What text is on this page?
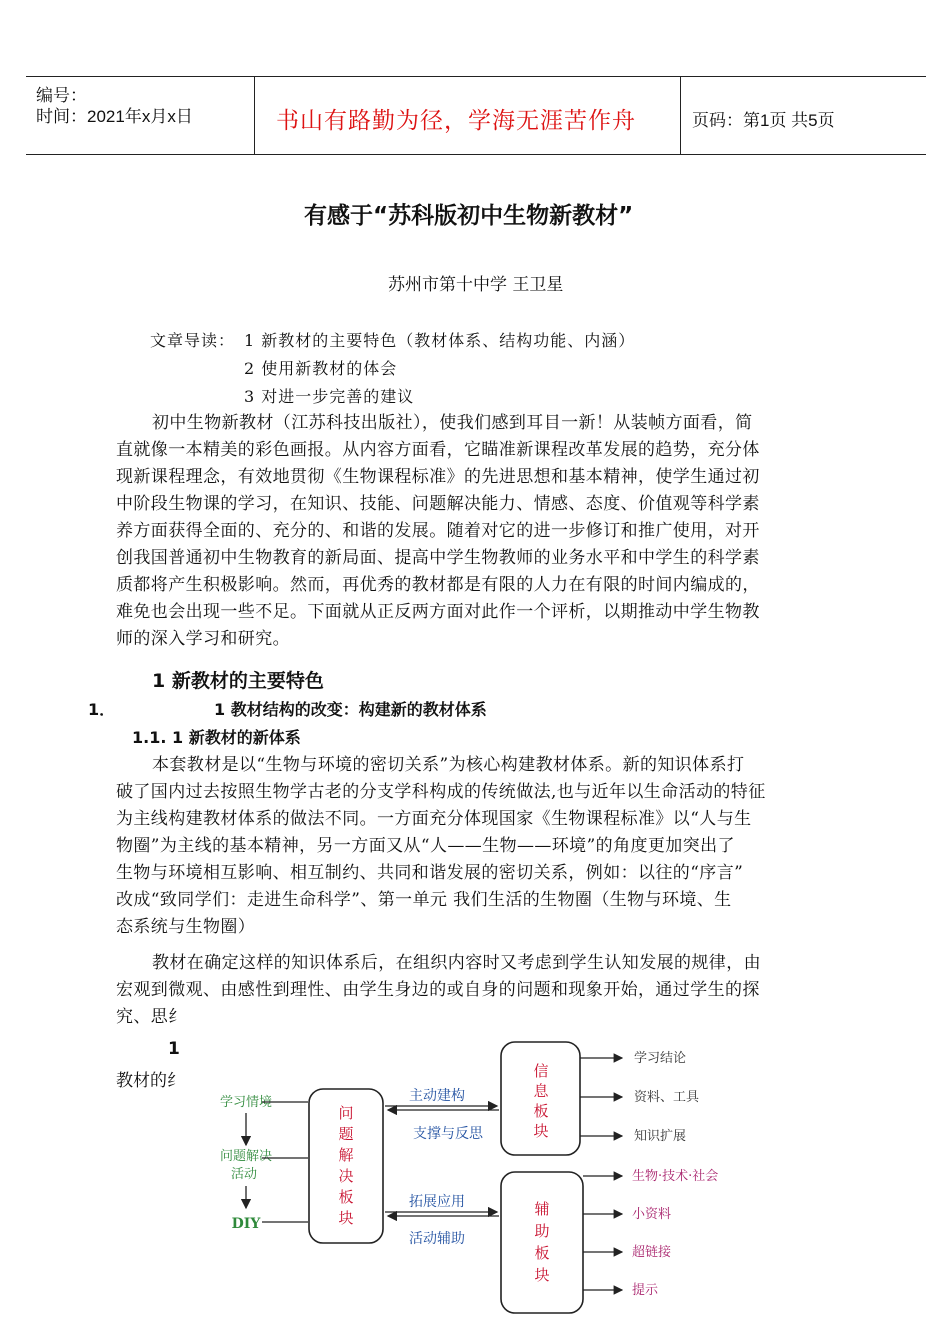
编号：
时间：2021年x月x日	书山有路勤为径，学海无涯苦作舟	页码：第1页 共5页
有感于“苏科版初中生物新教材”
苏州市第十中学 王卫星
文章导读： 1 新教材的主要特色（教材体系、结构功能、内涵）
2 使用新教材的体会
3 对进一步完善的建议
初中生物新教材（江苏科技出版社），使我们感到耳目一新！从装帧方面看，简
直就像一本精美的彩色画报。从内容方面看，它瞄准新课程改革发展的趋势，充分体
现新课程理念，有效地贯彻《生物课程标准》的先进思想和基本精神，使学生通过初
中阶段生物课的学习，在知识、技能、问题解决能力、情感、态度、价值观等科学素
养方面获得全面的、充分的、和谐的发展。随着对它的进一步修订和推广使用，对开
创我国普通初中生物教育的新局面、提高中学生物教师的业务水平和中学生的科学素
质都将产生积极影响。然而，再优秀的教材都是有限的人力在有限的时间内编成的，
难免也会出现一些不足。下面就从正反两方面对此作一个评析，以期推动中学生物教
师的深入学习和研究。
1 新教材的主要特色
1．	1 教材结构的改变：构建新的教材体系
1.1. 1 新教材的新体系
本套教材是以“生物与环境的密切关系”为核心构建教材体系。新的知识体系打
破了国内过去按照生物学古老的分支学科构成的传统做法,也与近年以生命活动的特征
为主线构建教材体系的做法不同。一方面充分体现国家《生物课程标准》以“人与生
物圈”为主线的基本精神，另一方面又从“人——生物——环境”的角度更加突出了
生物与环境相互影响、相互制约、共同和谐发展的密切关系，例如：以往的“序言”
改成“致同学们：走进生命科学”、第一单元 我们生活的生物圈（生物与环境、生
态系统与生物圈）
教材在确定这样的知识体系后，在组织内容时又考虑到学生认知发展的规律，由
宏观到微观、由感性到理性、由学生身边的或自身的问题和现象开始，通过学生的探
究、思纟
1
教材的纟
学习情境
问题解决
活动
DIY
问
题
解
决
板
块
信
息
板
块
辅
助
板
块
主动建构
支撑与反思
拓展应用
活动辅助
学习结论
资料、工具
知识扩展
生物·技术·社会
小资料
超链接
提示
